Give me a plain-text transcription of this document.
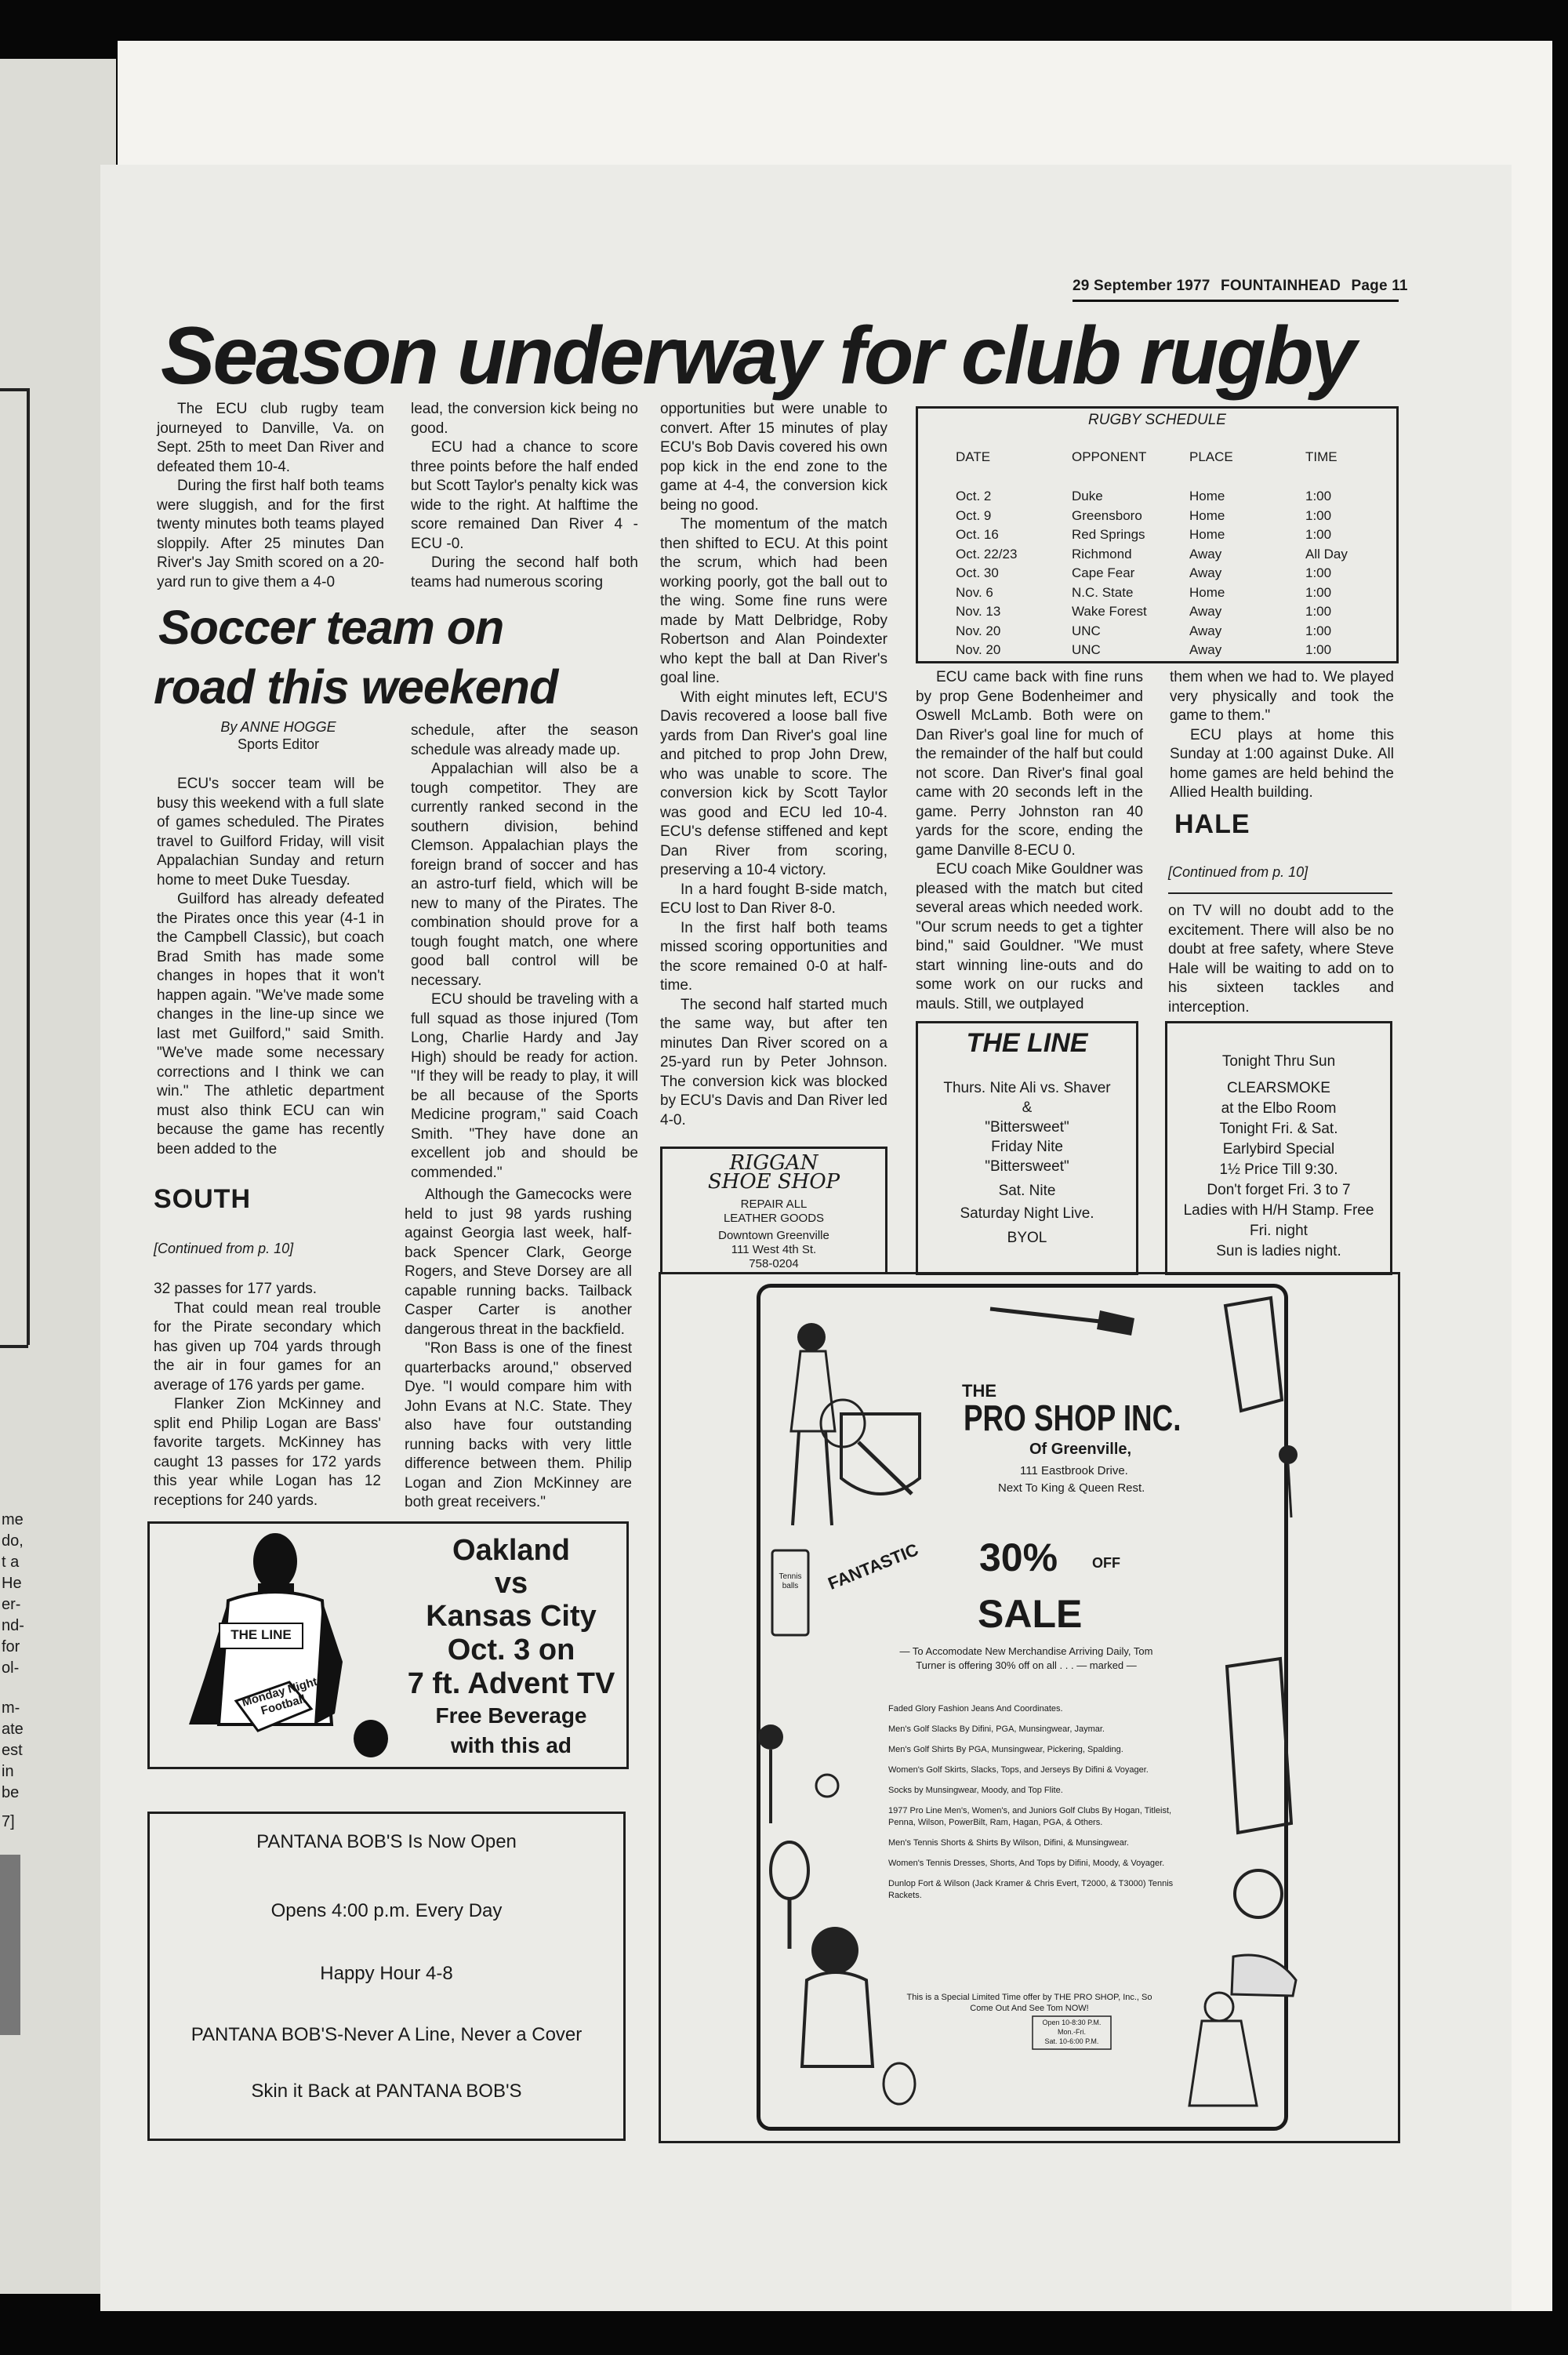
me
do,
t a
He
er-
nd-
for
ol-
m-
ate
est
in
be
7]
29 September 1977 FOUNTAINHEAD Page 11
Season underway for club rugby

The ECU club rugby team journeyed to Danville, Va. on Sept. 25th to meet Dan River and defeated them 10-4.

During the first half both teams were sluggish, and for the first twenty minutes both teams played sloppily. After 25 minutes Dan River's Jay Smith scored on a 20-yard run to give them a 4-0

lead, the conversion kick being no good.

ECU had a chance to score three points before the half ended but Scott Taylor's penalty kick was wide to the right. At halftime the score remained Dan River 4 - ECU -0.

During the second half both teams had numerous scoring

opportunities but were unable to convert. After 15 minutes of play ECU's Bob Davis covered his own pop kick in the end zone to the game at 4-4, the conversion kick being no good.

The momentum of the match then shifted to ECU. At this point the scrum, which had been working poorly, got the ball out to the wing. Some fine runs were made by Matt Delbridge, Roby Robertson and Alan Poindexter who kept the ball at Dan River's goal line.

With eight minutes left, ECU'S Davis recovered a loose ball five yards from Dan River's goal line and pitched to prop John Drew, who was unable to score. The conversion kick by Scott Taylor was good and ECU led 10-4. ECU's defense stiffened and kept Dan River from scoring, preserving a 10-4 victory.

In a hard fought B-side match, ECU lost to Dan River 8-0.

In the first half both teams missed scoring opportunities and the score remained 0-0 at half-time.

The second half started much the same way, but after ten minutes Dan River scored on a 25-yard run by Peter Johnson. The conversion kick was blocked by ECU's Davis and Dan River led 4-0.

ECU came back with fine runs by prop Gene Bodenheimer and Oswell McLamb. Both were on Dan River's goal line for much of the remainder of the half but could not score. Dan River's final goal came with 20 seconds left in the game. Perry Johnston ran 40 yards for the score, ending the game Danville 8-ECU 0.

ECU coach Mike Gouldner was pleased with the match but cited several areas which needed work. "Our scrum needs to get a tighter bind," said Gouldner. "We must start winning line-outs and do some work on our rucks and mauls. Still, we outplayed

them when we had to. We played very physically and took the game to them."

ECU plays at home this Sunday at 1:00 against Duke. All home games are held behind the Allied Health building.

RUGBY SCHEDULE
DATE	OPPONENT	PLACE	TIME
Oct. 2	Duke	Home	1:00
Oct. 9	Greensboro	Home	1:00
Oct. 16	Red Springs	Home	1:00
Oct. 22/23	Richmond	Away	All Day
Oct. 30	Cape Fear	Away	1:00
Nov. 6	N.C. State	Home	1:00
Nov. 13	Wake Forest	Away	1:00
Nov. 20	UNC	Away	1:00
Nov. 20	UNC	Away	1:00
Soccer team on
road this weekend
By ANNE HOGGE
Sports Editor

ECU's soccer team will be busy this weekend with a full slate of games scheduled. The Pirates travel to Guilford Friday, will visit Appalachian Sunday and return home to meet Duke Tuesday.

Guilford has already defeated the Pirates once this year (4-1 in the Campbell Classic), but coach Brad Smith has made some changes in hopes that it won't happen again. "We've made some changes in the line-up since we last met Guilford," said Smith. "We've made some necessary corrections and I think we can win." The athletic department must also think ECU can win because the game has recently been added to the

schedule, after the season schedule was already made up.

Appalachian will also be a tough competitor. They are currently ranked second in the southern division, behind Clemson. Appalachian plays the foreign brand of soccer and has an astro-turf field, which will be new to many of the Pirates. The combination should prove for a tough fought match, one where good ball control will be necessary.

ECU should be traveling with a full squad as those injured (Tom Long, Charlie Hardy and Jay High) should be ready for action. "If they will be ready to play, it will be all because of the Sports Medicine program," said Coach Smith. "They have done an excellent job and should be commended."

SOUTH
[Continued from p. 10]

32 passes for 177 yards.

That could mean real trouble for the Pirate secondary which has given up 704 yards through the air in four games for an average of 176 yards per game.

Flanker Zion McKinney and split end Philip Logan are Bass' favorite targets. McKinney has caught 13 passes for 172 yards this year while Logan has 12 receptions for 240 yards.

Although the Gamecocks were held to just 98 yards rushing against Georgia last week, half-back Spencer Clark, George Rogers, and Steve Dorsey are all capable running backs. Tailback Casper Carter is another dangerous threat in the backfield.

"Ron Bass is one of the finest quarterbacks around," observed Dye. "I would compare him with John Evans at N.C. State. They also have four outstanding running backs with very little difference between them. Philip Logan and Zion McKinney are both great receivers."

HALE
[Continued from p. 10]

on TV will no doubt add to the excitement. There will also be no doubt at free safety, where Steve Hale will be waiting to add on to his sixteen tackles and interception.

THE LINE
Thurs. Nite Ali vs. Shaver
&
"Bittersweet"
Friday Nite
"Bittersweet"
Sat. Nite
Saturday Night Live.
BYOL
Tonight Thru Sun
CLEARSMOKE
at the Elbo Room
Tonight Fri. & Sat.
Earlybird Special
1½ Price Till 9:30.
Don't forget Fri. 3 to 7
Ladies with H/H Stamp. Free
Fri. night
Sun is ladies night.
RIGGAN
SHOE SHOP
REPAIR ALL
LEATHER GOODS
Downtown Greenville
111 West 4th St.
758-0204
THE LINE
Monday Night Football
Oakland
vs
Kansas City
Oct. 3 on
7 ft. Advent TV
Free Beverage
with this ad
PANTANA BOB'S Is Now Open
Opens 4:00 p.m. Every Day
Happy Hour 4-8
PANTANA BOB'S-Never A Line, Never a Cover
Skin it Back at PANTANA BOB'S
THE
PRO SHOP INC.
Of Greenville,
111 Eastbrook Drive.
Next To King & Queen Rest.
FANTASTIC 30% OFF
SALE
— To Accomodate New Merchandise Arriving Daily, Tom Turner is offering 30% off on all . . . — marked —
Faded Glory Fashion Jeans And Coordinates.
Men's Golf Slacks By Difini, PGA, Munsingwear, Jaymar.
Men's Golf Shirts By PGA, Munsingwear, Pickering, Spalding.
Women's Golf Skirts, Slacks, Tops, and Jerseys By Difini & Voyager.
Socks by Munsingwear, Moody, and Top Flite.
1977 Pro Line Men's, Women's, and Juniors Golf Clubs By Hogan, Titleist, Penna, Wilson, PowerBilt, Ram, Hagan, PGA, & Others.
Men's Tennis Shorts & Shirts By Wilson, Difini, & Munsingwear.
Women's Tennis Dresses, Shorts, And Tops by Difini, Moody, & Voyager.
Dunlop Fort & Wilson (Jack Kramer & Chris Evert, T2000, & T3000) Tennis Rackets.
This is a Special Limited Time offer by THE PRO SHOP, Inc., So Come Out And See Tom NOW!
Open 10-8:30 P.M.
Mon.-Fri.
Sat. 10-6:00 P.M.
Tennis balls
